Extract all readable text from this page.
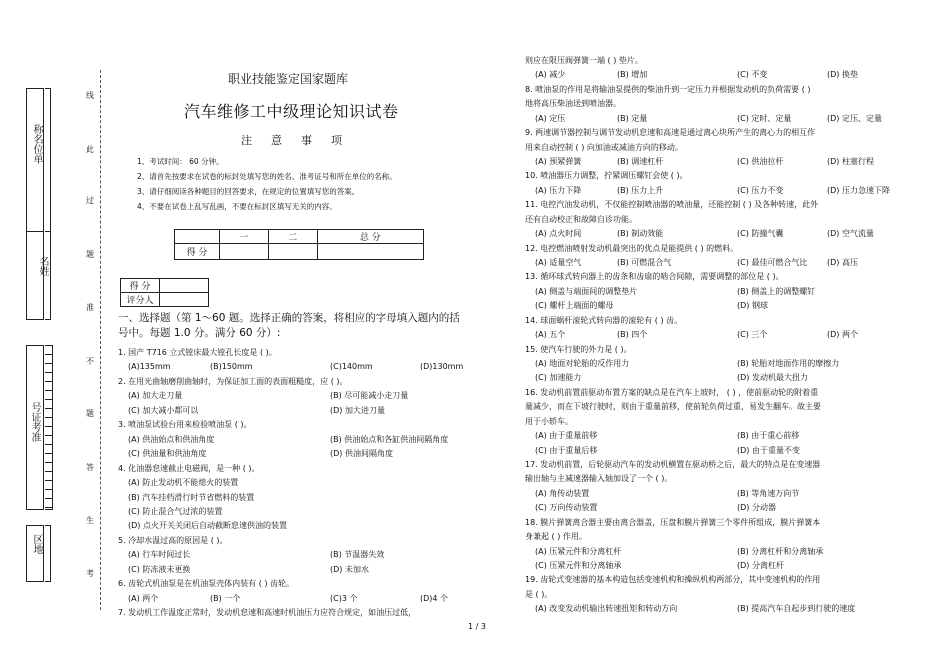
称名位单
名姓
号证考准
区地
线
此
过
题
准
不
题
答
生
考
职业技能鉴定国家题库
汽车维修工中级理论知识试卷
注意事项
1、考试时间： 60 分钟。
2、请首先按要求在试卷的标封处填写您的姓名、准考证号和所在单位的名称。
3、请仔细阅读各种题目的回答要求，在规定的位置填写您的答案。
4、不要在试卷上乱写乱画，不要在标封区填写无关的内容。
	一	二	总 分
得 分			
得 分	
评分人	
一、选择题（第 1～60 题。选择正确的答案，将相应的字母填入题内的括
号中。每题 1.0 分。满分 60 分）:
1. 国产 T716 立式镗床最大镗孔长度是 ( )。
(A)135mm	(B)150mm	(C)140mm	(D)130mm
2. 在用光曲轴磨削曲轴时，为保证加工面的表面粗糙度，应 ( )。
(A) 加大走刀量	(B) 尽可能减小走刀量
(C) 加大减小都可以	(D) 加大进刀量
3. 喷油泵试验台用来检验喷油泵 ( )。
(A) 供油始点和供油角度	(B) 供油始点和各缸供油间隔角度
(C) 供油量和供油角度	(D) 供油间隔角度
4. 化油器怠速截止电磁阀，是一种 ( )。
(A) 防止发动机不能熄火的装置
(B) 汽车挂档滑行时节省燃料的装置
(C) 防止混合气过浓的装置
(D) 点火开关关闭后自动截断怠速供油的装置
5. 冷却水温过高的原因是 ( )。
(A) 行车时间过长	(B) 节温器失效
(C) 防冻液未更换	(D) 未加水
6. 齿轮式机油泵是在机油泵壳体内装有 ( ) 齿轮。
(A) 两个	(B) 一个	(C)3 个	(D)4 个
7. 发动机工作温度正常时，发动机怠速和高速时机油压力应符合规定，如油压过低，
则应在限压阀弹簧一端 ( ) 垫片。
(A) 减少	(B) 增加	(C) 不变	(D) 换垫
8. 喷油泵的作用是将输油泵提供的柴油升到一定压力并根据发动机的负荷需要 ( )
地将高压柴油送到喷油器。
(A) 定压	(B) 定量	(C) 定时、定量	(D) 定压、定量
9. 两速调节器控制与调节发动机怠速和高速是通过离心块所产生的离心力的相互作
用来自动控制 ( ) 向加油或减油方向的移动。
(A) 预紧弹簧	(B) 调速杠杆	(C) 供油拉杆	(D) 柱塞行程
10. 喷油器压力调整，拧紧调压螺钉会使 ( )。
(A) 压力下降	(B) 压力上升	(C) 压力不变	(D) 压力急速下降
11. 电控汽油发动机，不仅能控制喷油器的喷油量，还能控制 ( ) 及各种转速，此外
还有自动校正和故障自诊功能。
(A) 点火时间	(B) 制动效能	(C) 防撞气囊	(D) 空气流量
12. 电控燃油喷射发动机最突出的优点是能提供 ( ) 的燃料。
(A) 适量空气	(B) 可燃混合气	(C) 最佳可燃合气比 (D) 高压
13. 循环球式转向器上的齿条和齿扇的啮合间隙，需要调整的部位是 ( )。
(A) 侧盖与端面间的调整垫片	(B) 侧盖上的调整螺钉
(C) 螺杆上端面的螺母	(D) 钢球
14. 球面蜗杆滚轮式转向器的滚轮有 ( ) 齿。
(A) 五个	(B) 四个	(C) 三个	(D) 两个
15. 使汽车行驶的外力是 ( )。
(A) 地面对轮胎的反作用力	(B) 轮胎对地面作用的摩擦力
(C) 加速能力	(D) 发动机最大扭力
16. 发动机前置前驱动布置方案的缺点是在汽车上坡时， ( ) ，使前驱动轮的附着重
量减少，而在下坡行驶时，则由于重量前移，使前轮负荷过重，易发生翻车。故主要
用于小轿车。
(A) 由于重量前移	(B) 由于重心前移
(C) 由于重量后移	(D) 由于重量不变
17. 发动机前置，后轮驱动汽车的发动机横置在驱动桥之后，最大的特点是在变速器
输出轴与主减速器输入轴加设了一个 ( )。
(A) 角传动装置	(B) 等角速万向节
(C) 万向传动装置	(D) 分动器
18. 膜片弹簧离合器主要由离合器盖，压盘和膜片弹簧三个零件所组成，膜片弹簧本
身兼起 ( ) 作用。
(A) 压紧元件和分离杠杆	(B) 分离杠杆和分离轴承
(C) 压紧元件和分离轴承	(D) 分离杠杆
19. 齿轮式变速器的基本构造包括变速机构和操纵机构两部分，其中变速机构的作用
是 ( )。
(A) 改变发动机输出转速扭矩和转动方向	(B) 提高汽车自起步到行驶的速度
1 / 3
